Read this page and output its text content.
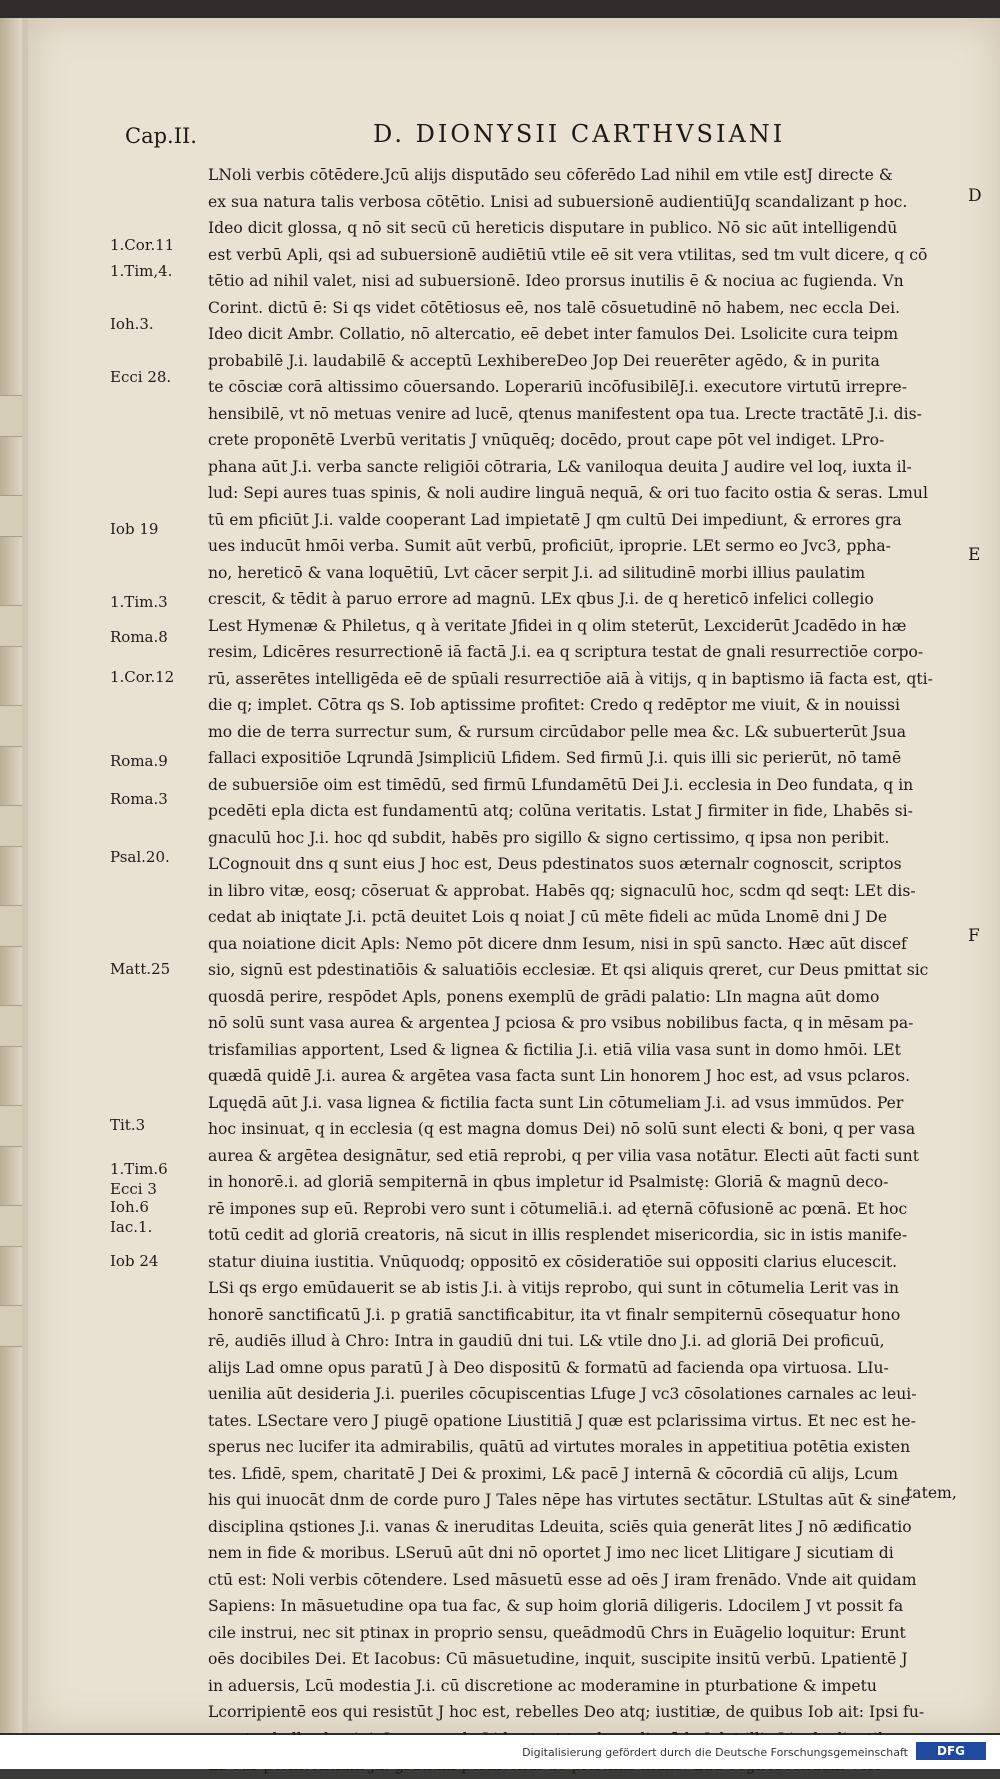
Cap.II.	D. DIONYSII CARTHVSIANI
1.Cor.11
1.Tim,4.
Ioh.3.
Ecci 28.
Iob 19
1.Tim.3
Roma.8
1.Cor.12
Roma.9
Roma.3
Psal.20.
Matt.25
Tit.3
1.Tim.6
Ecci 3
Ioh.6
Iac.1.
Iob 24
D
E
F

LNoli verbis cōtēdere.Jcū alijs disputādo seu cōferēdo Lad nihil em vtile estJ directe &

ex sua natura talis verbosa cōtētio. Lnisi ad subuersionē audientiūJq scandalizant p hoc.

Ideo dicit glossa, q nō sit secū cū hereticis disputare in publico. Nō sic aūt intelligendū

est verbū Apli, qsi ad subuersionē audiētiū vtile eē sit vera vtilitas, sed tm vult dicere, q cō

tētio ad nihil valet, nisi ad subuersionē. Ideo prorsus inutilis ē & nociua ac fugienda. Vn

Corint. dictū ē: Si qs videt cōtētiosus eē, nos talē cōsuetudinē nō habem, nec eccla Dei.

Ideo dicit Ambr. Collatio, nō altercatio, eē debet inter famulos Dei. Lsolicite cura teipm

probabilē J.i. laudabilē & acceptū LexhibereDeo Jop Dei reuerēter agēdo, & in purita

te cōsciæ corā altissimo cōuersando. Loperariū incōfusibilēJ.i. executore virtutū irrepre-

hensibilē, vt nō metuas venire ad lucē, qtenus manifestent opa tua. Lrecte tractātē J.i. dis-

crete proponētē Lverbū veritatis J vnūquēq; docēdo, prout cape pōt vel indiget. LPro-

phana aūt J.i. verba sancte religiōi cōtraria, L& vaniloqua deuita J audire vel loq, iuxta il-

lud: Sepi aures tuas spinis, & noli audire linguā nequā, & ori tuo facito ostia & seras. Lmul

tū em pficiūt J.i. valde cooperant Lad impietatē J qm cultū Dei impediunt, & errores gra

ues inducūt hmōi verba. Sumit aūt verbū, proficiūt, iproprie. LEt sermo eo Jvc3, ppha-

no, hereticō & vana loquētiū, Lvt cācer serpit J.i. ad silitudinē morbi illius paulatim

crescit, & tēdit à paruo errore ad magnū. LEx qbus J.i. de q hereticō infelici collegio

Lest Hymenæ & Philetus, q à veritate Jfidei in q olim steterūt, Lexciderūt Jcadēdo in hæ

resim, Ldicēres resurrectionē iā factā J.i. ea q scriptura testat de gnali resurrectiōe corpo-

rū, asserētes intelligēda eē de spūali resurrectiōe aiā à vitijs, q in baptismo iā facta est, qti-

die q; implet. Cōtra qs S. Iob aptissime profitet: Credo q redēptor me viuit, & in nouissi

mo die de terra surrectur sum, & rursum circūdabor pelle mea &c. L& subuerterūt Jsua

fallaci expositiōe Lqrundā Jsimpliciū Lfidem. Sed firmū J.i. quis illi sic perierūt, nō tamē

de subuersiōe oim est timēdū, sed firmū Lfundamētū Dei J.i. ecclesia in Deo fundata, q in

pcedēti epla dicta est fundamentū atq; colūna veritatis. Lstat J firmiter in fide, Lhabēs si-

gnaculū hoc J.i. hoc qd subdit, habēs pro sigillo & signo certissimo, q ipsa non peribit.

LCognouit dns q sunt eius J hoc est, Deus pdestinatos suos æternalr cognoscit, scriptos

in libro vitæ, eosq; cōseruat & approbat. Habēs qq; signaculū hoc, scdm qd seqt: LEt dis-

cedat ab iniqtate J.i. pctā deuitet Lois q noiat J cū mēte fideli ac mūda Lnomē dni J De

qua noiatione dicit Apls: Nemo pōt dicere dnm Iesum, nisi in spū sancto. Hæc aūt discef

sio, signū est pdestinatiōis & saluatiōis ecclesiæ. Et qsi aliquis qreret, cur Deus pmittat sic

quosdā perire, respōdet Apls, ponens exemplū de grādi palatio: LIn magna aūt domo

nō solū sunt vasa aurea & argentea J pciosa & pro vsibus nobilibus facta, q in mēsam pa-

trisfamilias apportent, Lsed & lignea & fictilia J.i. etiā vilia vasa sunt in domo hmōi. LEt

quædā quidē J.i. aurea & argētea vasa facta sunt Lin honorem J hoc est, ad vsus pclaros.

Lquędā aūt J.i. vasa lignea & fictilia facta sunt Lin cōtumeliam J.i. ad vsus immūdos. Per

hoc insinuat, q in ecclesia (q est magna domus Dei) nō solū sunt electi & boni, q per vasa

aurea & argētea designātur, sed etiā reprobi, q per vilia vasa notātur. Electi aūt facti sunt

in honorē.i. ad gloriā sempiternā in qbus impletur id Psalmistę: Gloriā & magnū deco-

rē impones sup eū. Reprobi vero sunt i cōtumeliā.i. ad ęternā cōfusionē ac pœnā. Et hoc

totū cedit ad gloriā creatoris, nā sicut in illis resplendet misericordia, sic in istis manife-

statur diuina iustitia. Vnūquodq; oppositō ex cōsideratiōe sui oppositi clarius elucescit.

LSi qs ergo emūdauerit se ab istis J.i. à vitijs reprobo, qui sunt in cōtumelia Lerit vas in

honorē sanctificatū J.i. p gratiā sanctificabitur, ita vt finalr sempiternū cōsequatur hono

rē, audiēs illud à Chro: Intra in gaudiū dni tui. L& vtile dno J.i. ad gloriā Dei proficuū,

alijs Lad omne opus paratū J à Deo dispositū & formatū ad facienda opa virtuosa. LIu-

uenilia aūt desideria J.i. pueriles cōcupiscentias Lfuge J vc3 cōsolationes carnales ac leui-

tates. LSectare vero J piugē opatione Liustitiā J quæ est pclarissima virtus. Et nec est he-

sperus nec lucifer ita admirabilis, quātū ad virtutes morales in appetitiua potētia existen

tes. Lfidē, spem, charitatē J Dei & proximi, L& pacē J internā & cōcordiā cū alijs, Lcum

his qui inuocāt dnm de corde puro J Tales nēpe has virtutes sectātur. LStultas aūt & sine

disciplina qstiones J.i. vanas & ineruditas Ldeuita, sciēs quia generāt lites J nō ædificatio

nem in fide & moribus. LSeruū aūt dni nō oportet J imo nec licet Llitigare J sicutiam di

ctū est: Noli verbis cōtendere. Lsed māsuetū esse ad oēs J iram frenādo. Vnde ait quidam

Sapiens: In māsuetudine opa tua fac, & sup hoim gloriā diligeris. Ldocilem J vt possit fa

cile instrui, nec sit ptinax in proprio sensu, queādmodū Chrs in Euāgelio loquitur: Erunt

oēs docibiles Dei. Et Iacobus: Cū māsuetudine, inquit, suscipite insitū verbū. Lpatientē J

in aduersis, Lcū modestia J.i. cū discretione ac moderamine in pturbatione & impetu

Lcorripientē eos qui resistūt J hoc est, rebelles Deo atq; iustitiæ, de quibus Iob ait: Ipsi fu-

tatem,
Digitalisierung gefördert durch die Deutsche Forschungsgemeinschaft	DFG
